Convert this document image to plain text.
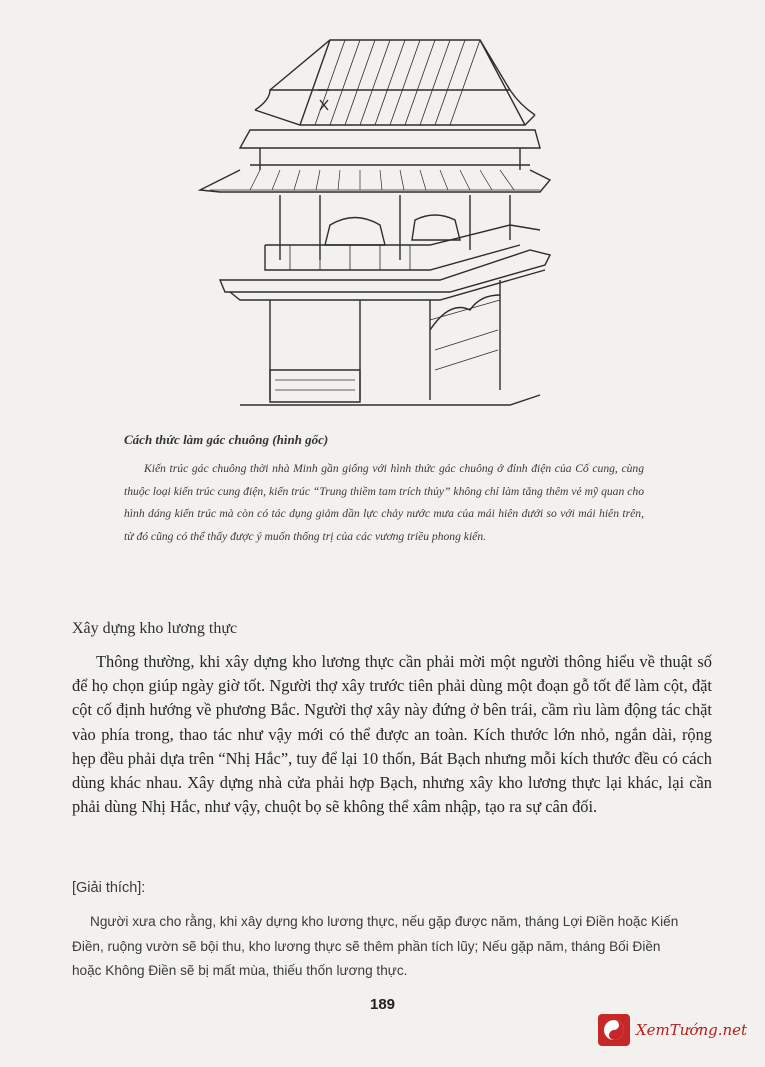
Cách thức làm gác chuông (hình gốc)
Kiến trúc gác chuông thời nhà Minh gần giống với hình thức gác chuông ở đỉnh điện của Cố cung, cùng thuộc loại kiến trúc cung điện, kiến trúc “Trung thiềm tam trích thủy” không chỉ làm tăng thêm vẻ mỹ quan cho hình dáng kiến trúc mà còn có tác dụng giảm dần lực chảy nước mưa của mái hiên dưới so với mái hiên trên, từ đó cũng có thể thấy được ý muốn thống trị của các vương triều phong kiến.
Xây dựng kho lương thực
Thông thường, khi xây dựng kho lương thực cần phải mời một người thông hiểu về thuật số để họ chọn giúp ngày giờ tốt. Người thợ xây trước tiên phải dùng một đoạn gỗ tốt để làm cột, đặt cột cố định hướng về phương Bắc. Người thợ xây này đứng ở bên trái, cầm rìu làm động tác chặt vào phía trong, thao tác như vậy mới có thể được an toàn. Kích thước lớn nhỏ, ngắn dài, rộng hẹp đều phải dựa trên “Nhị Hắc”, tuy để lại 10 thốn, Bát Bạch nhưng mỗi kích thước đều có cách dùng khác nhau. Xây dựng nhà cửa phải hợp Bạch, nhưng xây kho lương thực lại khác, lại cần phải dùng Nhị Hắc, như vậy, chuột bọ sẽ không thể xâm nhập, tạo ra sự cân đối.
[Giải thích]:
Người xưa cho rằng, khi xây dựng kho lương thực, nếu gặp được năm, tháng Lợi Điền hoặc Kiến Điền, ruộng vườn sẽ bội thu, kho lương thực sẽ thêm phần tích lũy; Nếu gặp năm, tháng Bối Điền hoặc Không Điền sẽ bị mất mùa, thiếu thốn lương thực.
189
XemTướng.net
